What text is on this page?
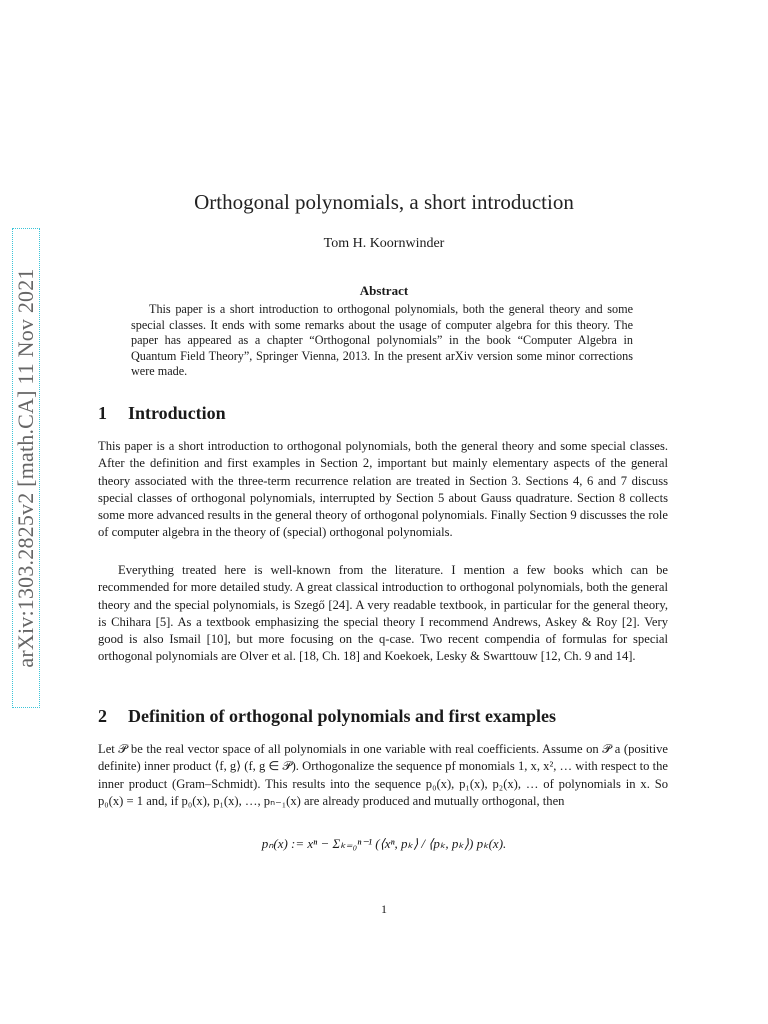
arXiv:1303.2825v2 [math.CA] 11 Nov 2021
Orthogonal polynomials, a short introduction
Tom H. Koornwinder
Abstract
This paper is a short introduction to orthogonal polynomials, both the general theory and some special classes. It ends with some remarks about the usage of computer algebra for this theory. The paper has appeared as a chapter “Orthogonal polynomials” in the book “Computer Algebra in Quantum Field Theory”, Springer Vienna, 2013. In the present arXiv version some minor corrections were made.
1 Introduction
This paper is a short introduction to orthogonal polynomials, both the general theory and some special classes. After the definition and first examples in Section 2, important but mainly elementary aspects of the general theory associated with the three-term recurrence relation are treated in Section 3. Sections 4, 6 and 7 discuss special classes of orthogonal polynomials, interrupted by Section 5 about Gauss quadrature. Section 8 collects some more advanced results in the general theory of orthogonal polynomials. Finally Section 9 discusses the role of computer algebra in the theory of (special) orthogonal polynomials.
Everything treated here is well-known from the literature. I mention a few books which can be recommended for more detailed study. A great classical introduction to orthogonal polynomials, both the general theory and the special polynomials, is Szegő [24]. A very readable textbook, in particular for the general theory, is Chihara [5]. As a textbook emphasizing the special theory I recommend Andrews, Askey & Roy [2]. Very good is also Ismail [10], but more focusing on the q-case. Two recent compendia of formulas for special orthogonal polynomials are Olver et al. [18, Ch. 18] and Koekoek, Lesky & Swarttouw [12, Ch. 9 and 14].
2 Definition of orthogonal polynomials and first examples
Let 𝒫 be the real vector space of all polynomials in one variable with real coefficients. Assume on 𝒫 a (positive definite) inner product ⟨f, g⟩ (f, g ∈ 𝒫). Orthogonalize the sequence pf monomials 1, x, x², … with respect to the inner product (Gram–Schmidt). This results into the sequence p₀(x), p₁(x), p₂(x), … of polynomials in x. So p₀(x) = 1 and, if p₀(x), p₁(x), …, pₙ₋₁(x) are already produced and mutually orthogonal, then
pₙ(x) := xⁿ − Σₖ₌₀ⁿ⁻¹ (⟨xⁿ, pₖ⟩ / ⟨pₖ, pₖ⟩) pₖ(x).
1
